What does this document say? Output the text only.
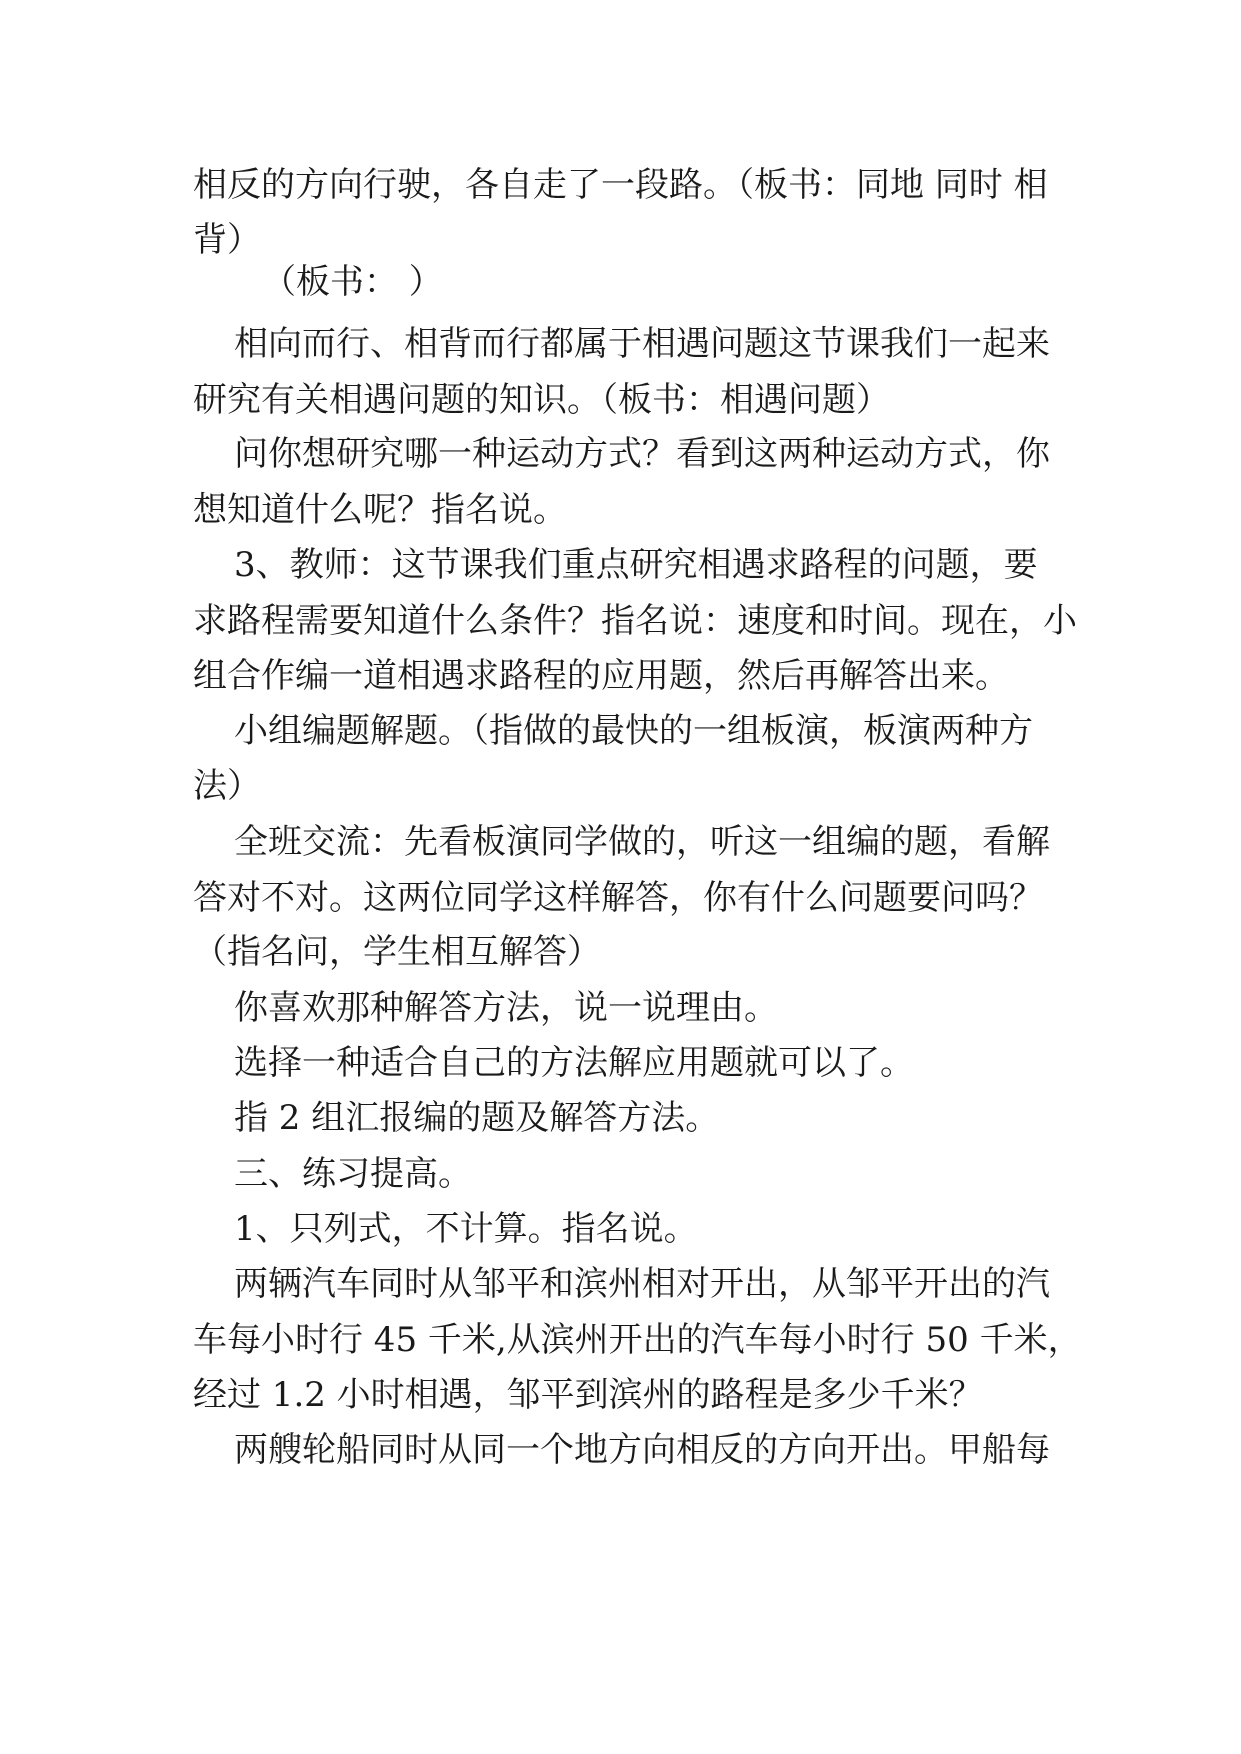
相反的方向行驶，各自走了一段路。（板书：同地 同时 相
背）
（板书： ）
相向而行、相背而行都属于相遇问题这节课我们一起来
研究有关相遇问题的知识。（板书：相遇问题）
问你想研究哪一种运动方式？看到这两种运动方式，你
想知道什么呢？指名说。
3、教师：这节课我们重点研究相遇求路程的问题，要
求路程需要知道什么条件？指名说：速度和时间。现在，小
组合作编一道相遇求路程的应用题，然后再解答出来。
小组编题解题。（指做的最快的一组板演，板演两种方
法）
全班交流：先看板演同学做的，听这一组编的题，看解
答对不对。这两位同学这样解答，你有什么问题要问吗？
（指名问，学生相互解答）
你喜欢那种解答方法，说一说理由。
选择一种适合自己的方法解应用题就可以了。
指 2 组汇报编的题及解答方法。
三、练习提高。
1、只列式，不计算。指名说。
两辆汽车同时从邹平和滨州相对开出，从邹平开出的汽
车每小时行 45 千米,从滨州开出的汽车每小时行 50 千米，
经过 1.2 小时相遇，邹平到滨州的路程是多少千米？
两艘轮船同时从同一个地方向相反的方向开出。甲船每
